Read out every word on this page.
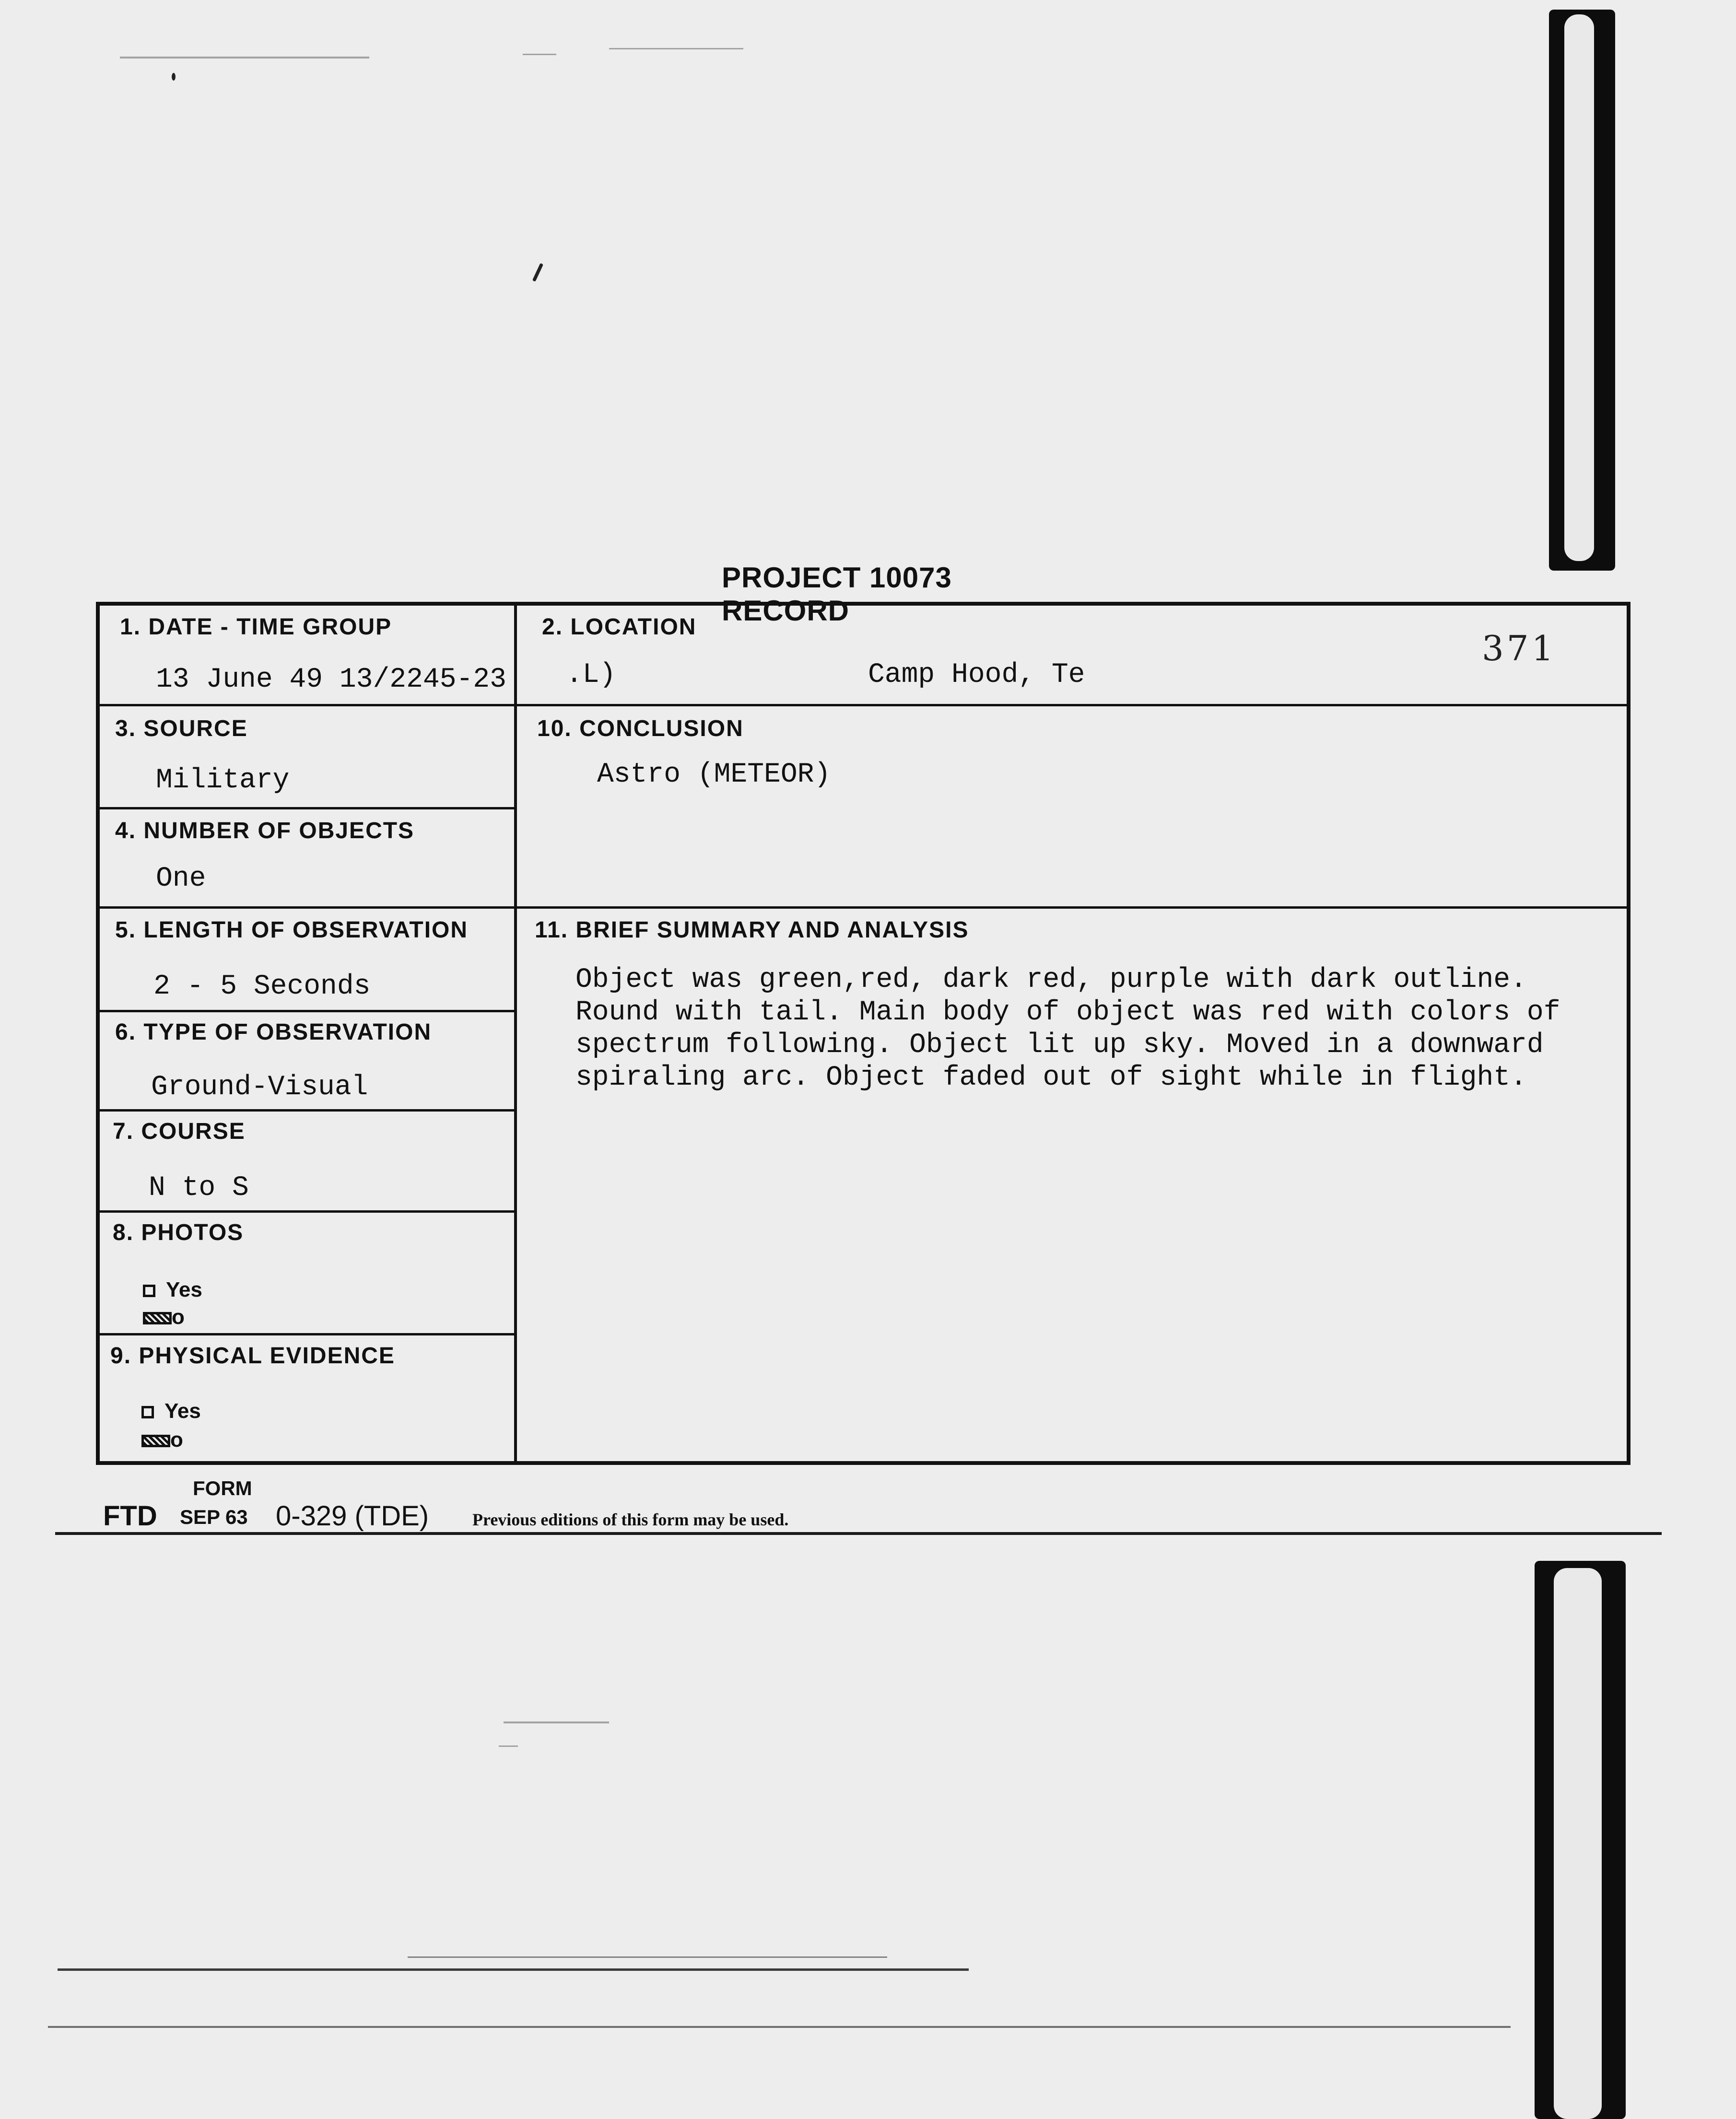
PROJECT 10073 RECORD
1. DATE - TIME GROUP
13 June 49 13/2245-23
2. LOCATION
.L)	Camp Hood, Te
371
3. SOURCE
Military
10. CONCLUSION
Astro (METEOR)
4. NUMBER OF OBJECTS
One
5. LENGTH OF OBSERVATION
2 - 5 Seconds
11. BRIEF SUMMARY AND ANALYSIS
Object was green,red, dark red, purple with dark outline.
Round with tail. Main body of object was red with colors of
spectrum following. Object lit up sky. Moved in a downward
spiraling arc. Object faded out of sight while in flight.
6. TYPE OF OBSERVATION
Ground-Visual
7. COURSE
N to S
8. PHOTOS
Yes
o
9. PHYSICAL EVIDENCE
Yes
o
FORM
FTD SEP 63 0-329 (TDE)	Previous editions of this form may be used.
